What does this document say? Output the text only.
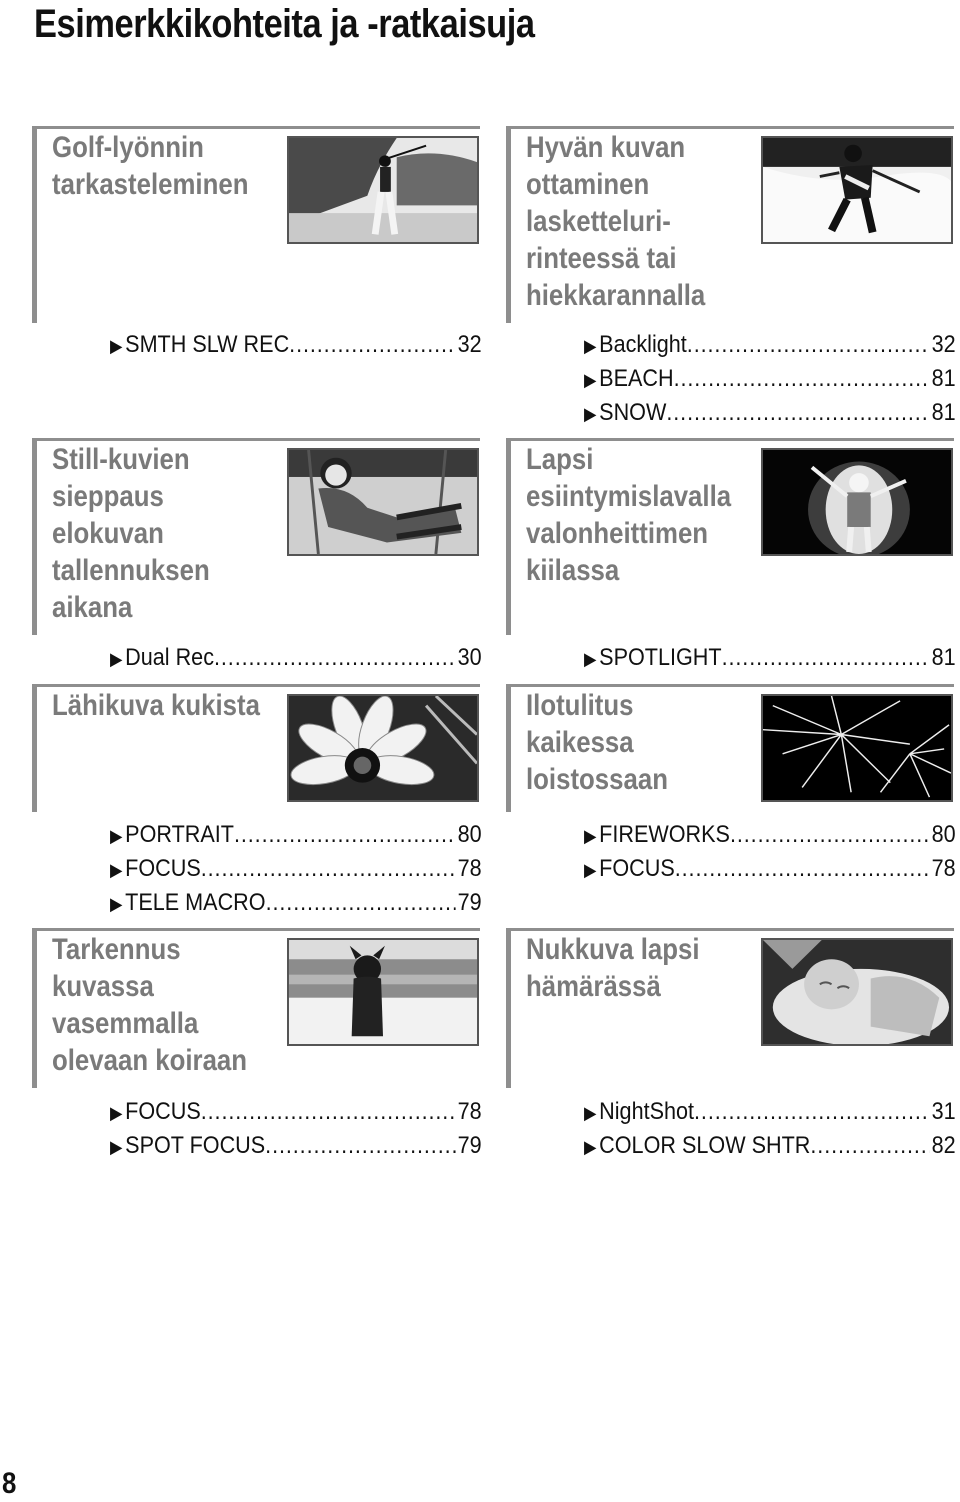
Esimerkkikohteita ja -ratkaisuja
Golf-lyönnin
tarkasteleminen
▶ SMTH SLW REC .....	32
Hyvän kuvan
ottaminen
lasketteluri-
rinteessä tai
hiekkarannalla
▶ Backlight .....	32
▶ BEACH .....	81
▶ SNOW .....	81
Still-kuvien
sieppaus
elokuvan
tallennuksen
aikana
▶ Dual Rec .....	30
Lapsi
esiintymislavalla
valonheittimen
kiilassa
▶ SPOTLIGHT .....	81
Lähikuva kukista
▶ PORTRAIT .....	80
▶ FOCUS .....	78
▶ TELE MACRO .....	79
Ilotulitus kaikessa
loistossaan
▶ FIREWORKS .....	80
▶ FOCUS .....	78
Tarkennus
kuvassa
vasemmalla
olevaan koiraan
▶ FOCUS .....	78
▶ SPOT FOCUS .....	79
Nukkuva lapsi
hämärässä
▶ NightShot .....	31
▶ COLOR SLOW SHTR .....	82
8
